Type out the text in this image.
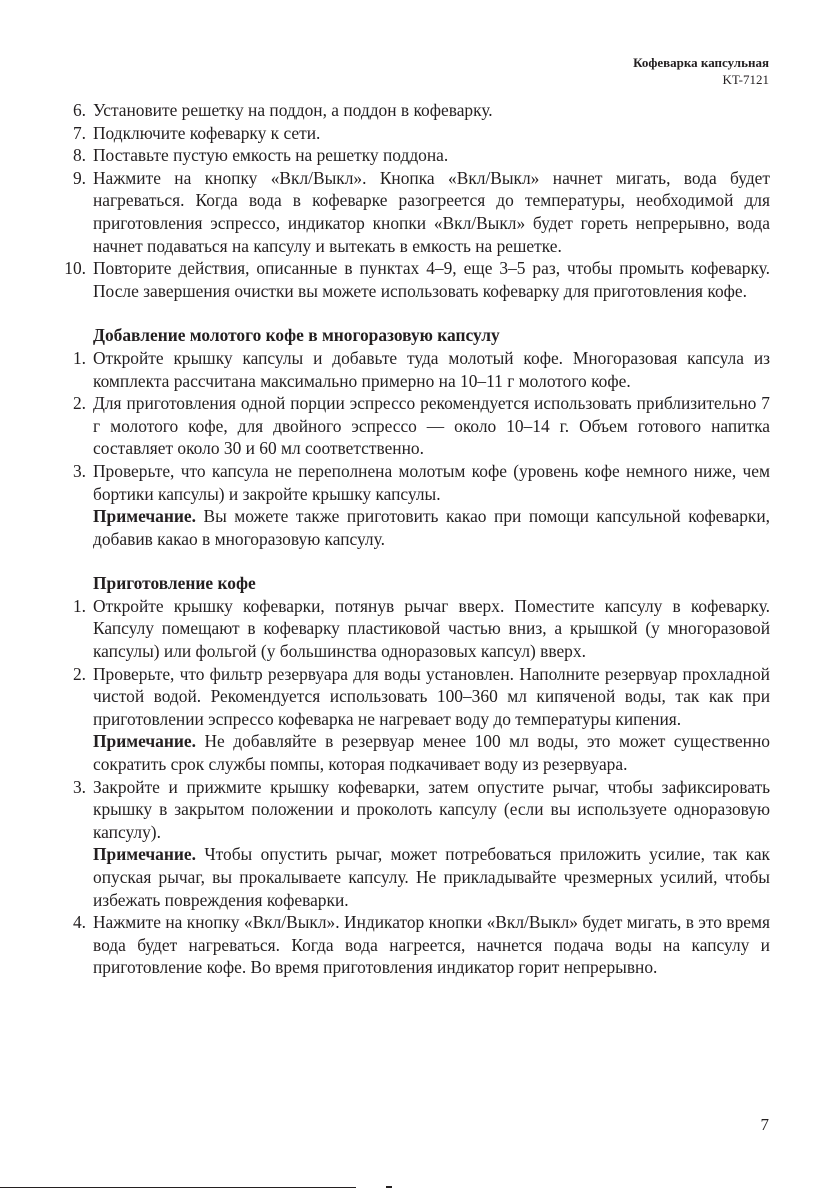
Кофеварка капсульная
KT-7121
6. Установите решетку на поддон, а поддон в кофеварку.
7. Подключите кофеварку к сети.
8. Поставьте пустую емкость на решетку поддона.
9. Нажмите на кнопку «Вкл/Выкл». Кнопка «Вкл/Выкл» начнет мигать, вода будет нагреваться. Когда вода в кофеварке разогреется до температуры, необходимой для приготовления эспрессо, индикатор кнопки «Вкл/Выкл» будет гореть непрерывно, вода начнет подаваться на капсулу и вытекать в емкость на решетке.
10. Повторите действия, описанные в пунктах 4–9, еще 3–5 раз, чтобы промыть кофеварку. После завершения очистки вы можете использовать кофеварку для приготовления кофе.
Добавление молотого кофе в многоразовую капсулу
1. Откройте крышку капсулы и добавьте туда молотый кофе. Многоразовая капсула из комплекта рассчитана максимально примерно на 10–11 г молотого кофе.
2. Для приготовления одной порции эспрессо рекомендуется использовать приблизительно 7 г молотого кофе, для двойного эспрессо — около 10–14 г. Объем готового напитка составляет около 30 и 60 мл соответственно.
3. Проверьте, что капсула не переполнена молотым кофе (уровень кофе немного ниже, чем бортики капсулы) и закройте крышку капсулы.
Примечание. Вы можете также приготовить какао при помощи капсульной кофеварки, добавив какао в многоразовую капсулу.
Приготовление кофе
1. Откройте крышку кофеварки, потянув рычаг вверх. Поместите капсулу в кофеварку. Капсулу помещают в кофеварку пластиковой частью вниз, а крышкой (у многоразовой капсулы) или фольгой (у большинства одноразовых капсул) вверх.
2. Проверьте, что фильтр резервуара для воды установлен. Наполните резервуар прохладной чистой водой. Рекомендуется использовать 100–360 мл кипяченой воды, так как при приготовлении эспрессо кофеварка не нагревает воду до температуры кипения.
Примечание. Не добавляйте в резервуар менее 100 мл воды, это может существенно сократить срок службы помпы, которая подкачивает воду из резервуара.
3. Закройте и прижмите крышку кофеварки, затем опустите рычаг, чтобы зафиксировать крышку в закрытом положении и проколоть капсулу (если вы используете одноразовую капсулу).
Примечание. Чтобы опустить рычаг, может потребоваться приложить усилие, так как опуская рычаг, вы прокалываете капсулу. Не прикладывайте чрезмерных усилий, чтобы избежать повреждения кофеварки.
4. Нажмите на кнопку «Вкл/Выкл». Индикатор кнопки «Вкл/Выкл» будет мигать, в это время вода будет нагреваться. Когда вода нагреется, начнется подача воды на капсулу и приготовление кофе. Во время приготовления индикатор горит непрерывно.
7
